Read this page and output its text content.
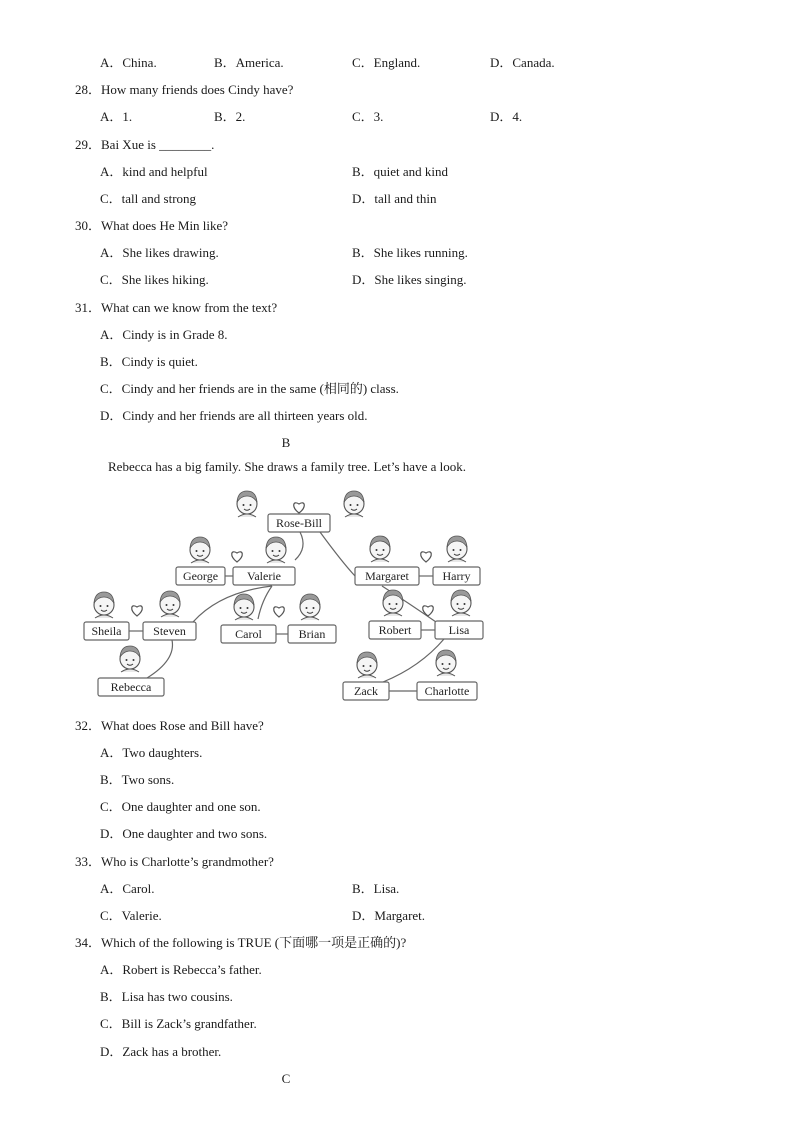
A．China.	B．America.	C．England.	D．Canada.
28．How many friends does Cindy have?
A．1.	B．2.	C．3.	D．4.
29．Bai Xue is ________.
A．kind and helpful	B．quiet and kind
C．tall and strong	D．tall and thin
30．What does He Min like?
A．She likes drawing.	B．She likes running.
C．She likes hiking.	D．She likes singing.
31．What can we know from the text?
A．Cindy is in Grade 8.
B．Cindy is quiet.
C．Cindy and her friends are in the same (相同的) class.
D．Cindy and her friends are all thirteen years old.
B
Rebecca has a big family. She draws a family tree. Let’s have a look.
Rose-Bill
George Valerie	Margaret	Harry
Sheila	Steven	Carol	Brian	Robert	Lisa
Rebecca	Zack	Charlotte
32．What does Rose and Bill have?
A．Two daughters.
B．Two sons.
C．One daughter and one son.
D．One daughter and two sons.
33．Who is Charlotte’s grandmother?
A．Carol.	B．Lisa.
C．Valerie.	D．Margaret.
34．Which of the following is TRUE (下面哪一项是正确的)?
A．Robert is Rebecca’s father.
B．Lisa has two cousins.
C．Bill is Zack’s grandfather.
D．Zack has a brother.
C
